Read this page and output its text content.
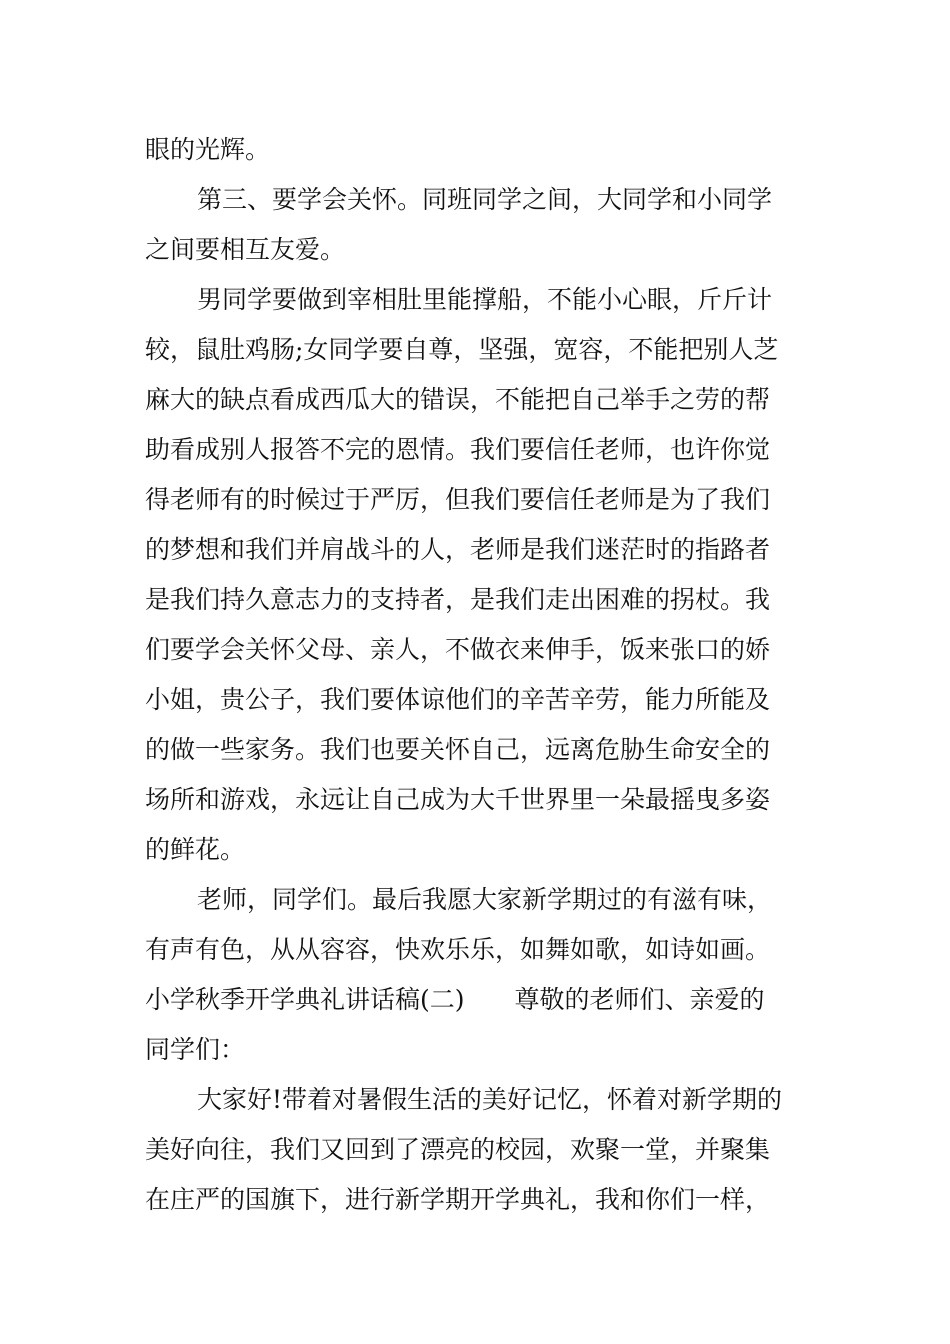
眼的光辉。
第三、要学会关怀。同班同学之间，大同学和小同学
之间要相互友爱。
男同学要做到宰相肚里能撑船，不能小心眼，斤斤计
较，鼠肚鸡肠;女同学要自尊，坚强，宽容，不能把别人芝
麻大的缺点看成西瓜大的错误，不能把自己举手之劳的帮
助看成别人报答不完的恩情。我们要信任老师，也许你觉
得老师有的时候过于严厉，但我们要信任老师是为了我们
的梦想和我们并肩战斗的人，老师是我们迷茫时的指路者
是我们持久意志力的支持者，是我们走出困难的拐杖。我
们要学会关怀父母、亲人，不做衣来伸手，饭来张口的娇
小姐，贵公子，我们要体谅他们的辛苦辛劳，能力所能及
的做一些家务。我们也要关怀自己，远离危胁生命安全的
场所和游戏，永远让自己成为大千世界里一朵最摇曳多姿
的鲜花。
老师，同学们。最后我愿大家新学期过的有滋有味，
有声有色，从从容容，快欢乐乐，如舞如歌，如诗如画。
小学秋季开学典礼讲话稿(二)　　尊敬的老师们、亲爱的
同学们：
大家好!带着对暑假生活的美好记忆，怀着对新学期的
美好向往，我们又回到了漂亮的校园，欢聚一堂，并聚集
在庄严的国旗下，进行新学期开学典礼，我和你们一样，
